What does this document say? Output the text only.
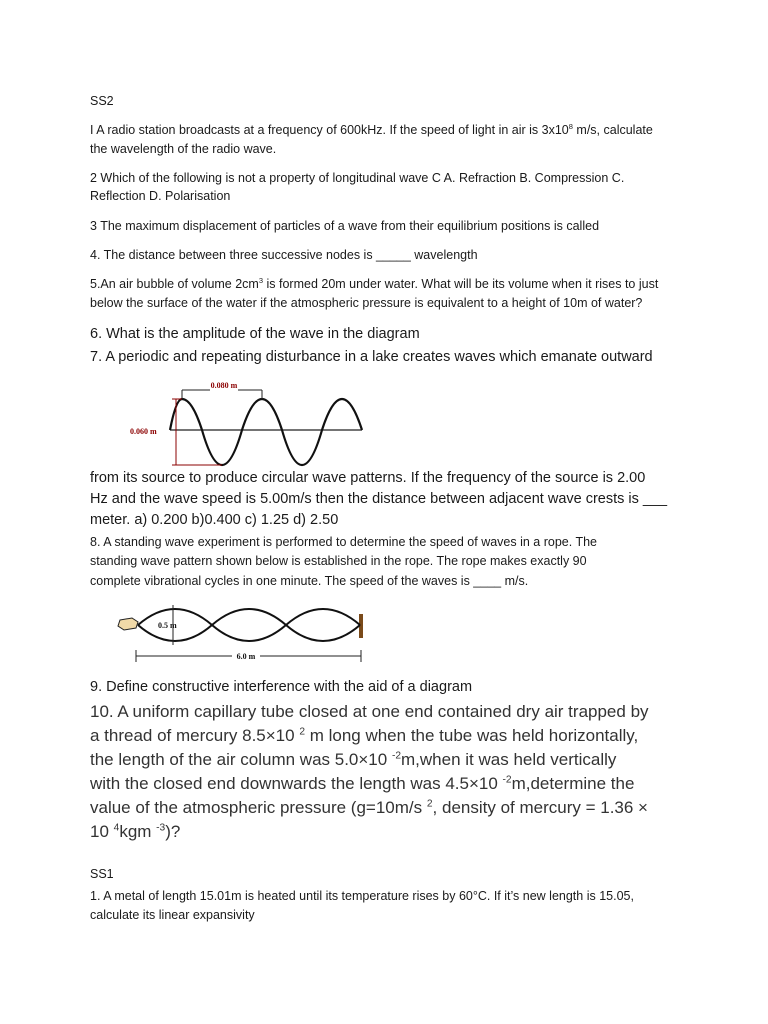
SS2

I A radio station broadcasts at a frequency of 600kHz. If the speed of light in air is $3x10^8$ m/s, calculate

the wavelength of the radio wave.

2 Which of the following is not a property of longitudinal wave C A. Refraction B. Compression C.

Reflection D. Polarisation

3 The maximum displacement of particles of a wave from their equilibrium positions is called

4. The distance between three successive nodes is _____ wavelength

5.An air bubble of volume $2cm^3$ is formed 20m under water. What will be its volume when it rises to just

below the surface of the water if the atmospheric pressure is equivalent to a height of 10m of water?

6. What is the amplitude of the wave in the diagram

7. A periodic and repeating disturbance in a lake creates waves which emanate outward

0.080 m
0.060 m

from its source to produce circular wave patterns. If the frequency of the source is 2.00

Hz and the wave speed is 5.00m/s then the distance between adjacent wave crests is ___

meter. a) 0.200 b)0.400 c) 1.25 d) 2.50

8. A standing wave experiment is performed to determine the speed of waves in a rope. The

standing wave pattern shown below is established in the rope. The rope makes exactly 90

complete vibrational cycles in one minute. The speed of the waves is ____ m/s.

0.5 m
6.0 m

9. Define constructive interference with the aid of a diagram

10. A uniform capillary tube closed at one end contained dry air trapped by

a thread of mercury 8.5×10 $^2$ m long when the tube was held horizontally,

the length of the air column was 5.0×10 $^{-2}$m,when it was held vertically

with the closed end downwards the length was 4.5×10 $^{-2}$m,determine the

value of the atmospheric pressure (g=10m/s $^2$, density of mercury = 1.36 ×

10 $^4$kgm $^{-3}$)?

SS1

1. A metal of length 15.01m is heated until its temperature rises by 60°C. If it’s new length is 15.05,

calculate its linear expansivity
